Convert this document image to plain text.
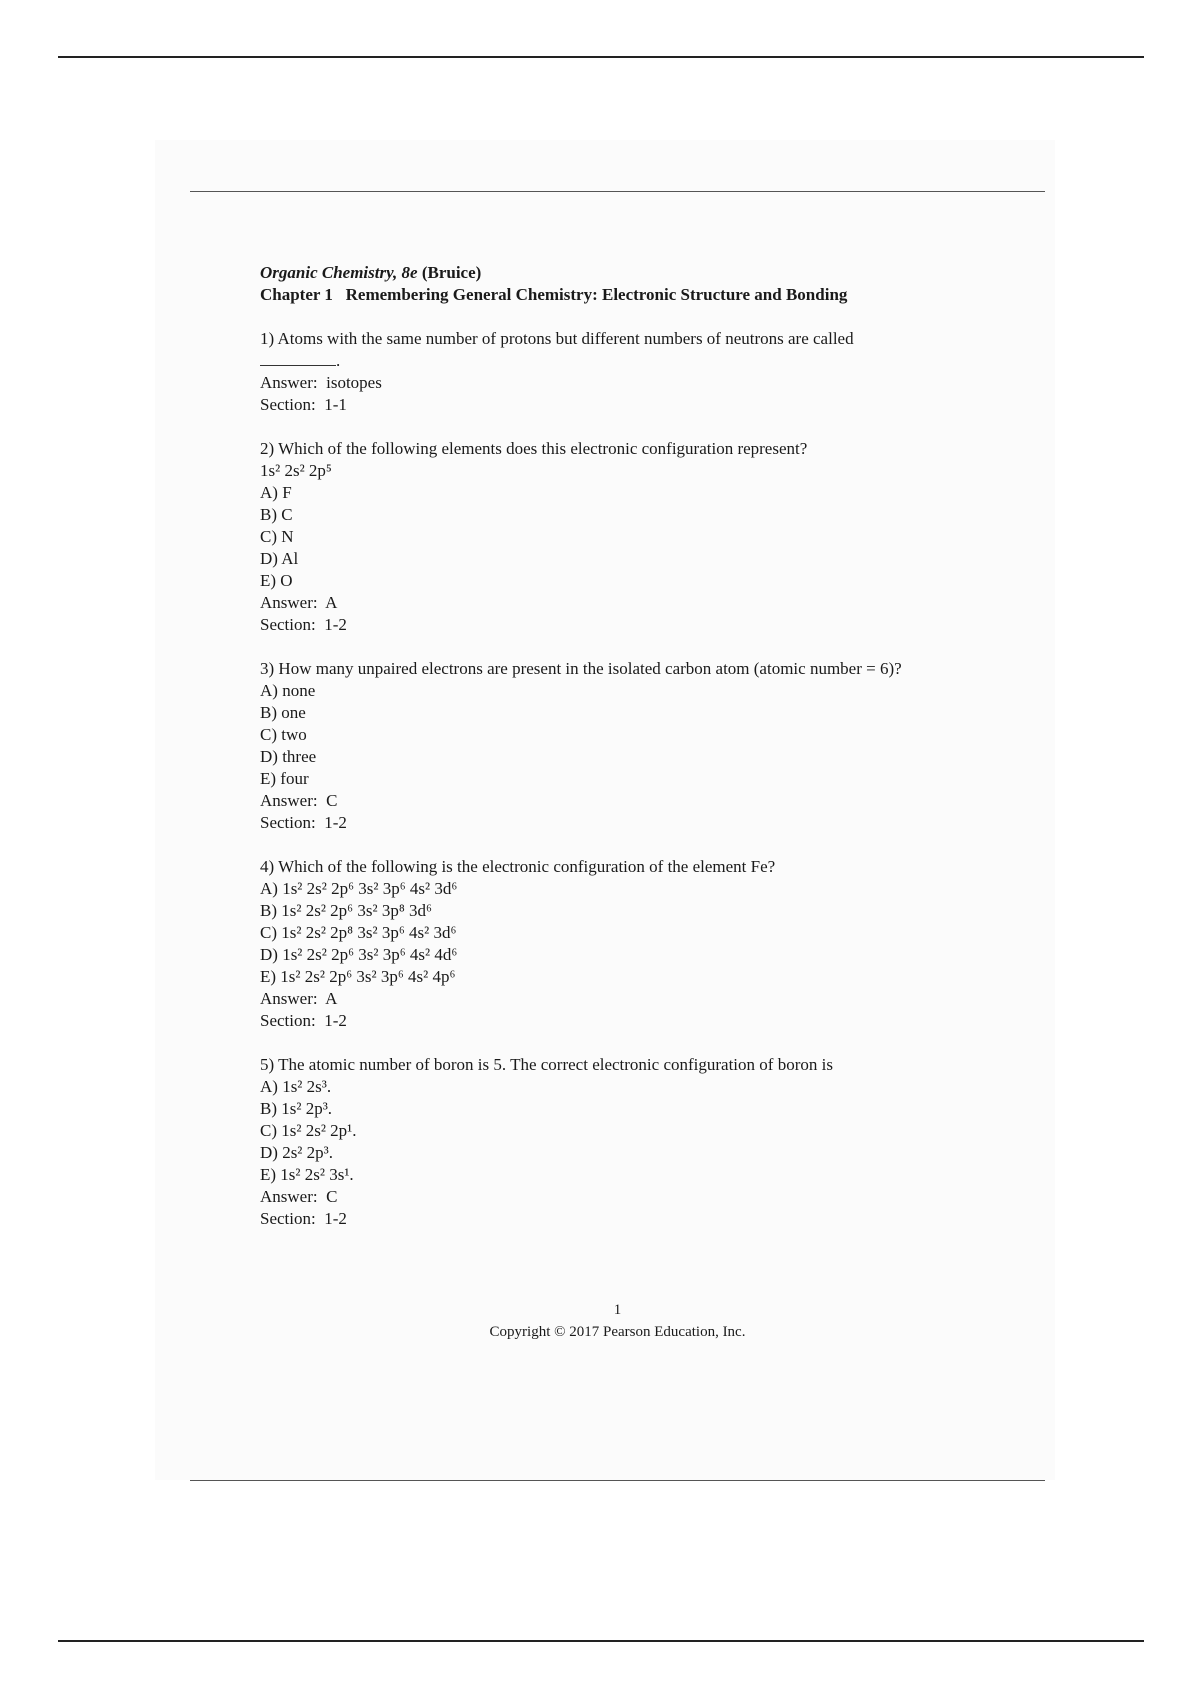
Organic Chemistry, 8e (Bruice)
Chapter 1   Remembering General Chemistry: Electronic Structure and Bonding
1) Atoms with the same number of protons but different numbers of neutrons are called
.
Answer:  isotopes
Section:  1-1
2) Which of the following elements does this electronic configuration represent?
1s² 2s² 2p⁵
A) F
B) C
C) N
D) Al
E) O
Answer:  A
Section:  1-2
3) How many unpaired electrons are present in the isolated carbon atom (atomic number = 6)?
A) none
B) one
C) two
D) three
E) four
Answer:  C
Section:  1-2
4) Which of the following is the electronic configuration of the element Fe?
A) 1s² 2s² 2p⁶ 3s² 3p⁶ 4s² 3d⁶
B) 1s² 2s² 2p⁶ 3s² 3p⁸ 3d⁶
C) 1s² 2s² 2p⁸ 3s² 3p⁶ 4s² 3d⁶
D) 1s² 2s² 2p⁶ 3s² 3p⁶ 4s² 4d⁶
E) 1s² 2s² 2p⁶ 3s² 3p⁶ 4s² 4p⁶
Answer:  A
Section:  1-2
5) The atomic number of boron is 5. The correct electronic configuration of boron is
A) 1s² 2s³.
B) 1s² 2p³.
C) 1s² 2s² 2p¹.
D) 2s² 2p³.
E) 1s² 2s² 3s¹.
Answer:  C
Section:  1-2
1
Copyright © 2017 Pearson Education, Inc.
